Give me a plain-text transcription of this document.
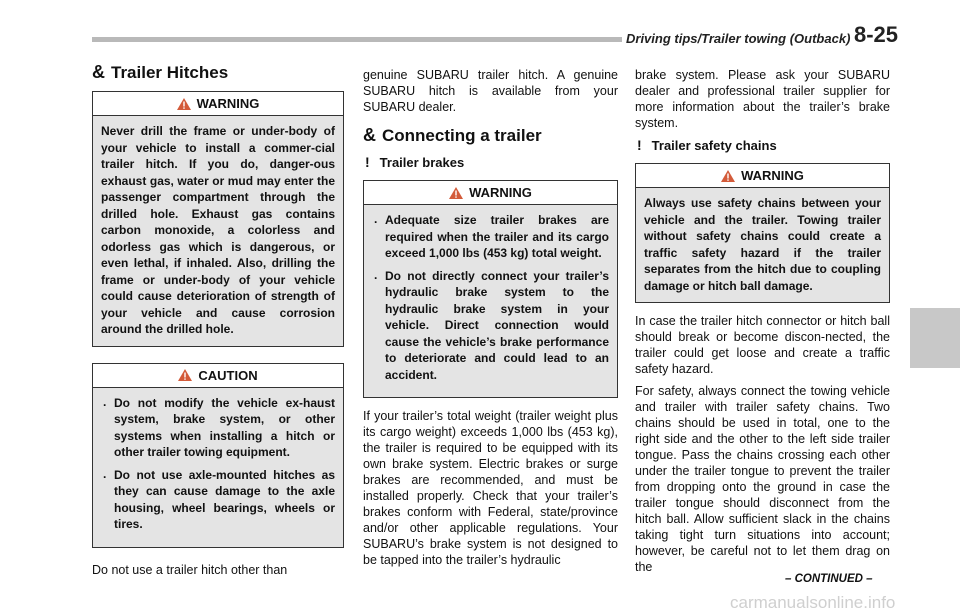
Driving tips/Trailer towing (Outback) 8-25
& Trailer Hitches
WARNING
Never drill the frame or under-body of your vehicle to install a commer-cial trailer hitch. If you do, danger-ous exhaust gas, water or mud may enter the passenger compartment through the drilled hole. Exhaust gas contains carbon monoxide, a colorless and odorless gas which is dangerous, or even lethal, if inhaled. Also, drilling the frame or under-body of your vehicle could cause deterioration of strength of your vehicle and cause corrosion around the drilled hole.
CAUTION
. Do not modify the vehicle ex-haust system, brake system, or other systems when installing a hitch or other trailer towing equipment.
. Do not use axle-mounted hitches as they can cause damage to the axle housing, wheel bearings, wheels or tires.

Do not use a trailer hitch other than

genuine SUBARU trailer hitch. A genuine SUBARU hitch is available from your SUBARU dealer.

& Connecting a trailer
! Trailer brakes
WARNING
. Adequate size trailer brakes are required when the trailer and its cargo exceed 1,000 lbs (453 kg) total weight.
. Do not directly connect your trailer’s hydraulic brake system to the hydraulic brake system in your vehicle. Direct connection would cause the vehicle’s brake performance to deteriorate and could lead to an accident.

If your trailer’s total weight (trailer weight plus its cargo weight) exceeds 1,000 lbs (453 kg), the trailer is required to be equipped with its own brake system. Electric brakes or surge brakes are recommended, and must be installed properly. Check that your trailer’s brakes conform with Federal, state/province and/or other applicable regulations. Your SUBARU’s brake system is not designed to be tapped into the trailer’s hydraulic

brake system. Please ask your SUBARU dealer and professional trailer supplier for more information about the trailer’s brake system.

! Trailer safety chains
WARNING
Always use safety chains between your vehicle and the trailer. Towing trailer without safety chains could create a traffic safety hazard if the trailer separates from the hitch due to coupling damage or hitch ball damage.

In case the trailer hitch connector or hitch ball should break or become discon-nected, the trailer could get loose and create a traffic safety hazard.

For safety, always connect the towing vehicle and trailer with trailer safety chains. Two chains should be used in total, one to the right side and the other to the left side trailer tongue. Pass the chains crossing each other under the trailer tongue to prevent the trailer from dropping onto the ground in case the trailer tongue should disconnect from the hitch ball. Allow sufficient slack in the chains taking tight turn situations into account; however, be careful not to let them drag on the

– CONTINUED –
carmanualsonline.info
